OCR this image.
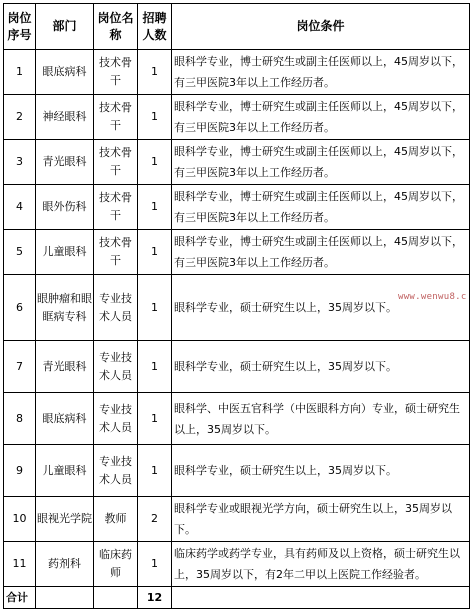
岗位序号	部门	岗位名称	招聘人数	岗位条件
1	眼底病科	技术骨干	1	眼科学专业，博士研究生或副主任医师以上，45周岁以下，有三甲医院3年以上工作经历者。
2	神经眼科	技术骨干	1	眼科学专业，博士研究生或副主任医师以上，45周岁以下，有三甲医院3年以上工作经历者。
3	青光眼科	技术骨干	1	眼科学专业，博士研究生或副主任医师以上，45周岁以下，有三甲医院3年以上工作经历者。
4	眼外伤科	技术骨干	1	眼科学专业，博士研究生或副主任医师以上，45周岁以下，有三甲医院3年以上工作经历者。
5	儿童眼科	技术骨干	1	眼科学专业，博士研究生或副主任医师以上，45周岁以下，有三甲医院3年以上工作经历者。
6	眼肿瘤和眼眶病专科	专业技术人员	1	眼科学专业，硕士研究生以上，35周岁以下。
7	青光眼科	专业技术人员	1	眼科学专业，硕士研究生以上，35周岁以下。
8	眼底病科	专业技术人员	1	眼科学、中医五官科学（中医眼科方向）专业，硕士研究生以上，35周岁以下。
9	儿童眼科	专业技术人员	1	眼科学专业，硕士研究生以上，35周岁以下。
10	眼视光学院	教师	2	眼科学专业或眼视光学方向，硕士研究生以上，35周岁以下。
11	药剂科	临床药师	1	临床药学或药学专业，具有药师及以上资格，硕士研究生以上，35周岁以下，有2年二甲以上医院工作经验者。
合计			12	
www.wenwu8.c
